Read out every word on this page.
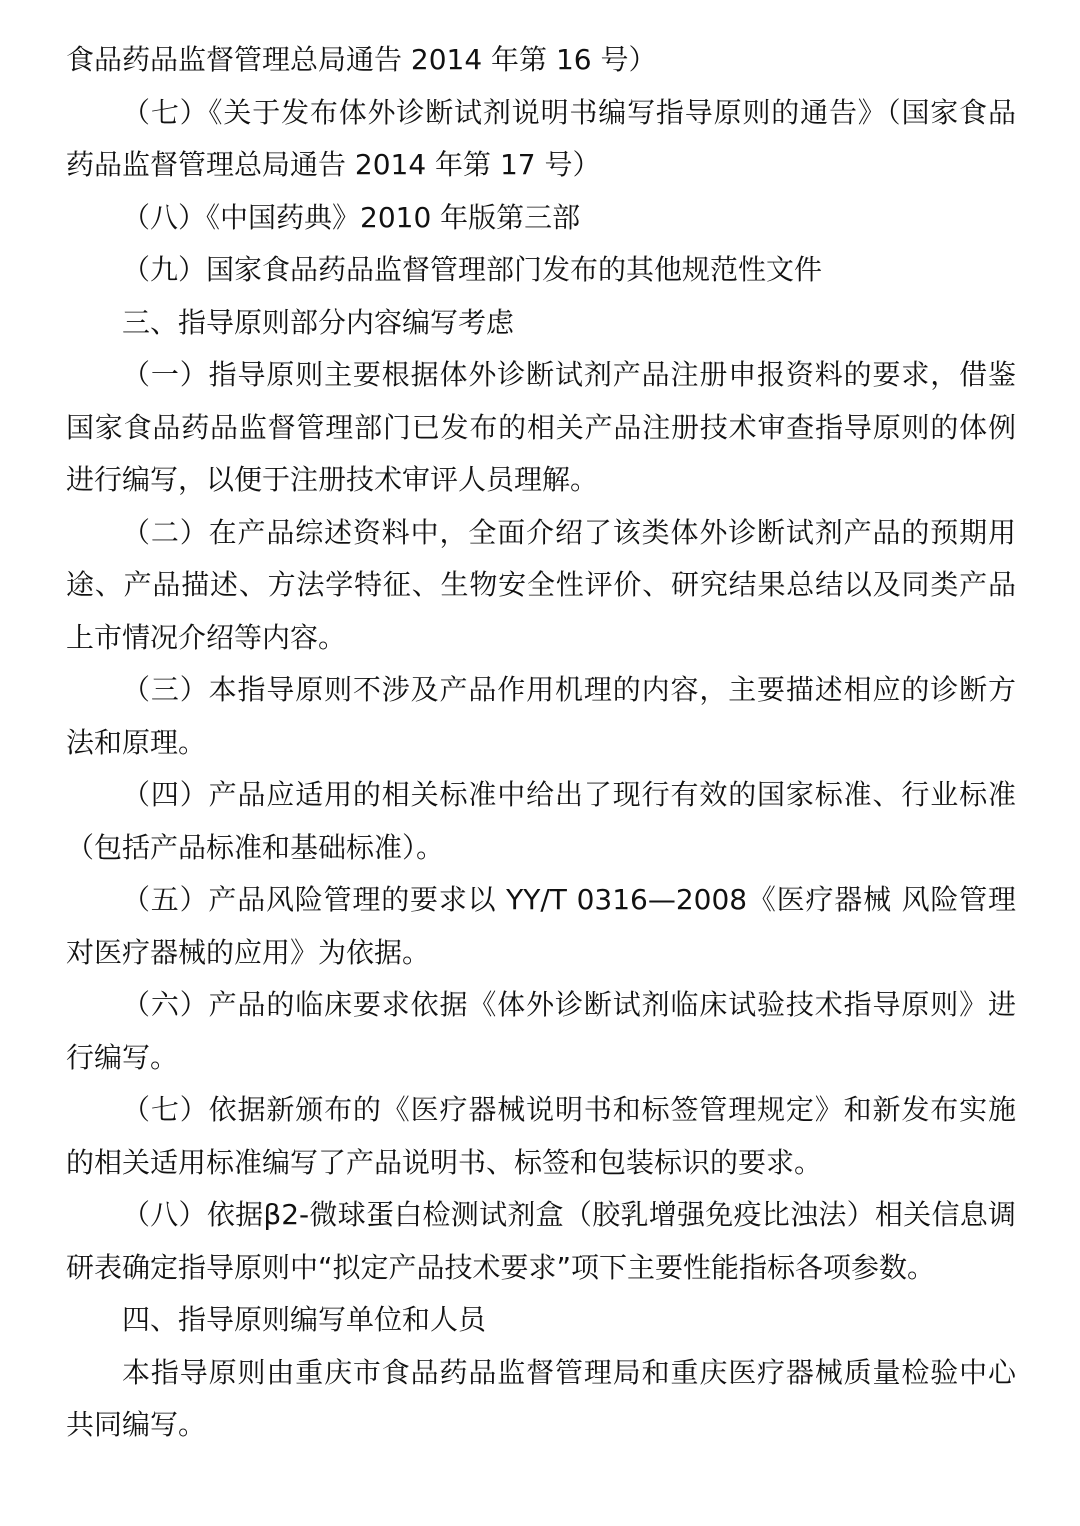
食品药品监督管理总局通告 2014 年第 16 号）

（七）《关于发布体外诊断试剂说明书编写指导原则的通告》（国家食品药品监督管理总局通告 2014 年第 17 号）

（八）《中国药典》2010 年版第三部

（九）国家食品药品监督管理部门发布的其他规范性文件

三、指导原则部分内容编写考虑

（一）指导原则主要根据体外诊断试剂产品注册申报资料的要求，借鉴国家食品药品监督管理部门已发布的相关产品注册技术审查指导原则的体例进行编写，以便于注册技术审评人员理解。

（二）在产品综述资料中，全面介绍了该类体外诊断试剂产品的预期用途、产品描述、方法学特征、生物安全性评价、研究结果总结以及同类产品上市情况介绍等内容。

（三）本指导原则不涉及产品作用机理的内容，主要描述相应的诊断方法和原理。

（四）产品应适用的相关标准中给出了现行有效的国家标准、行业标准（包括产品标准和基础标准）。

（五）产品风险管理的要求以 YY/T 0316—2008《医疗器械 风险管理对医疗器械的应用》为依据。

（六）产品的临床要求依据《体外诊断试剂临床试验技术指导原则》进行编写。

（七）依据新颁布的《医疗器械说明书和标签管理规定》和新发布实施的相关适用标准编写了产品说明书、标签和包装标识的要求。

（八）依据β2-微球蛋白检测试剂盒（胶乳增强免疫比浊法）相关信息调研表确定指导原则中“拟定产品技术要求”项下主要性能指标各项参数。

四、指导原则编写单位和人员

本指导原则由重庆市食品药品监督管理局和重庆医疗器械质量检验中心共同编写。
